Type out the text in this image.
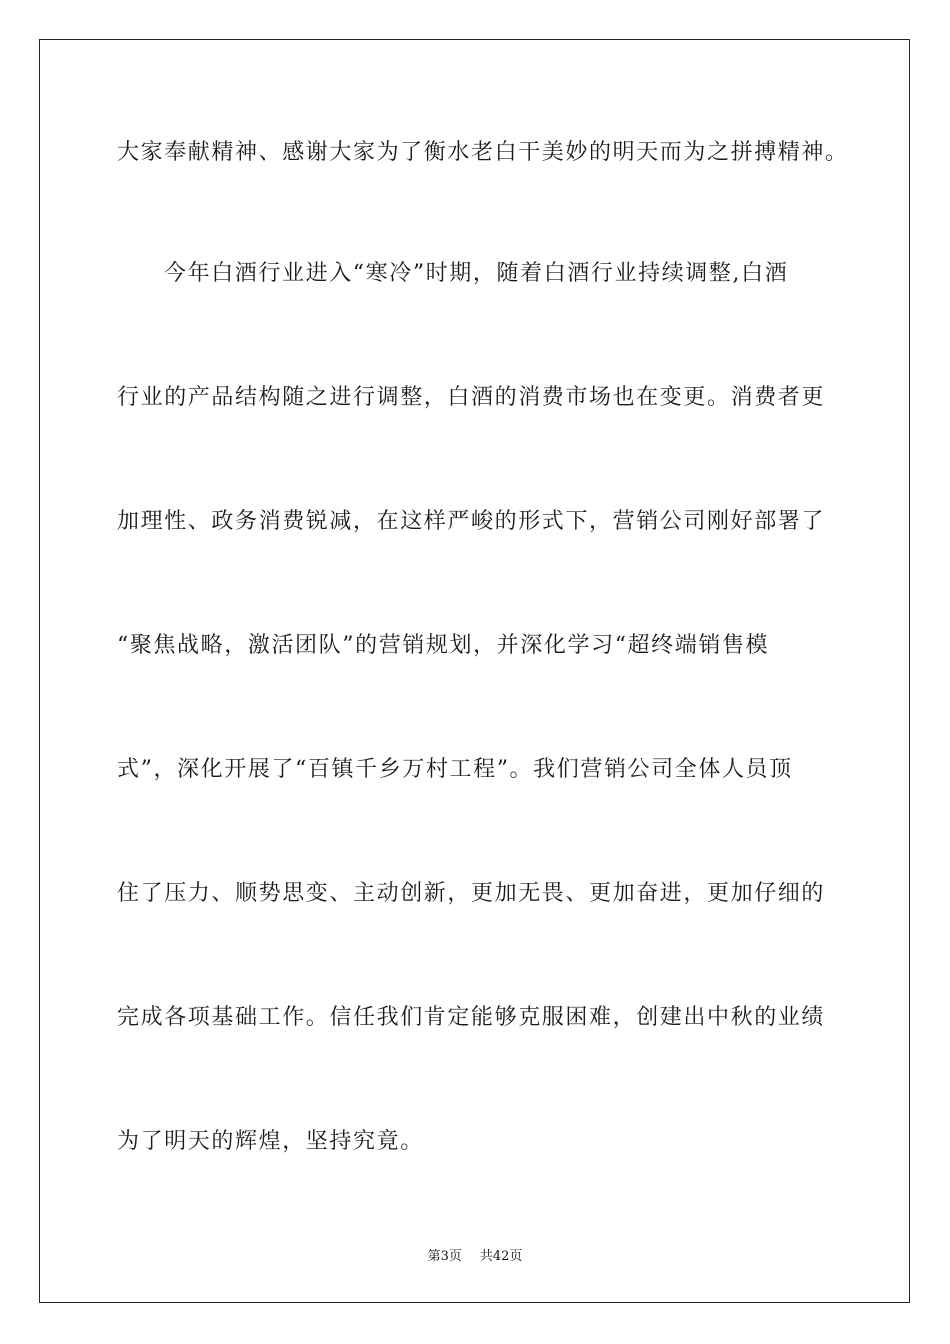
大家奉献精神、感谢大家为了衡水老白干美妙的明天而为之拼搏精神。
今年白酒行业进入“寒冷”时期，随着白酒行业持续调整,白酒
行业的产品结构随之进行调整，白酒的消费市场也在变更。消费者更
加理性、政务消费锐减，在这样严峻的形式下，营销公司刚好部署了
“聚焦战略，激活团队”的营销规划，并深化学习“超终端销售模
式”，深化开展了“百镇千乡万村工程”。我们营销公司全体人员顶
住了压力、顺势思变、主动创新，更加无畏、更加奋进，更加仔细的
完成各项基础工作。信任我们肯定能够克服困难，创建出中秋的业绩
为了明天的辉煌，坚持究竟。
第3页 共42页
